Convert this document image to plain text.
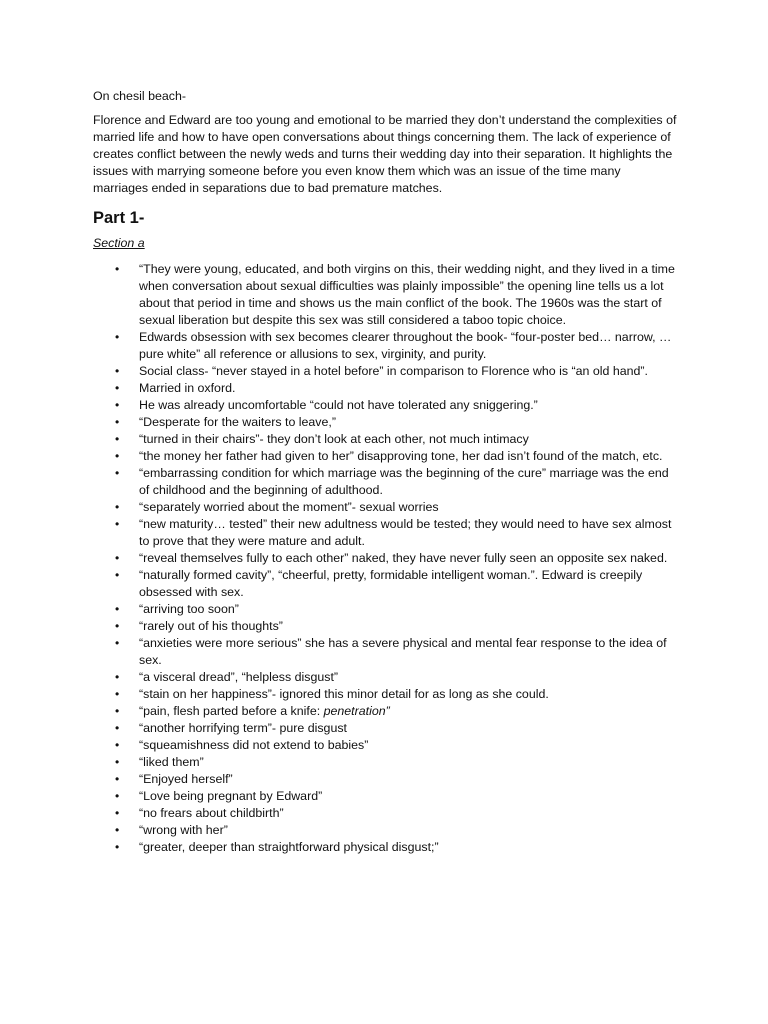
On chesil beach-

Florence and Edward are too young and emotional to be married they don’t understand the complexities of married life and how to have open conversations about things concerning them. The lack of experience of creates conflict between the newly weds and turns their wedding day into their separation. It highlights the issues with marrying someone before you even know them which was an issue of the time many marriages ended in separations due to bad premature matches.

Part 1-

Section a

• “They were young, educated, and both virgins on this, their wedding night, and they lived in a time when conversation about sexual difficulties was plainly impossible” the opening line tells us a lot about that period in time and shows us the main conflict of the book. The 1960s was the start of sexual liberation but despite this sex was still considered a taboo topic choice.
• Edwards obsession with sex becomes clearer throughout the book- “four-poster bed… narrow, … pure white” all reference or allusions to sex, virginity, and purity.
• Social class- “never stayed in a hotel before” in comparison to Florence who is “an old hand”.
• Married in oxford.
• He was already uncomfortable “could not have tolerated any sniggering.”
• “Desperate for the waiters to leave,”
• “turned in their chairs”- they don’t look at each other, not much intimacy
• “the money her father had given to her” disapproving tone, her dad isn’t found of the match, etc.
• “embarrassing condition for which marriage was the beginning of the cure” marriage was the end of childhood and the beginning of adulthood.
• “separately worried about the moment”- sexual worries
• “new maturity… tested” their new adultness would be tested; they would need to have sex almost to prove that they were mature and adult.
• “reveal themselves fully to each other” naked, they have never fully seen an opposite sex naked.
• “naturally formed cavity”, “cheerful, pretty, formidable intelligent woman.”. Edward is creepily obsessed with sex.
• “arriving too soon”
• “rarely out of his thoughts”
• “anxieties were more serious” she has a severe physical and mental fear response to the idea of sex.
• “a visceral dread”, “helpless disgust”
• “stain on her happiness”- ignored this minor detail for as long as she could.
• “pain, flesh parted before a knife: penetration”
• “another horrifying term”- pure disgust
• “squeamishness did not extend to babies”
• “liked them”
• “Enjoyed herself”
• “Love being pregnant by Edward”
• “no frears about childbirth”
• “wrong with her”
• “greater, deeper than straightforward physical disgust;”
